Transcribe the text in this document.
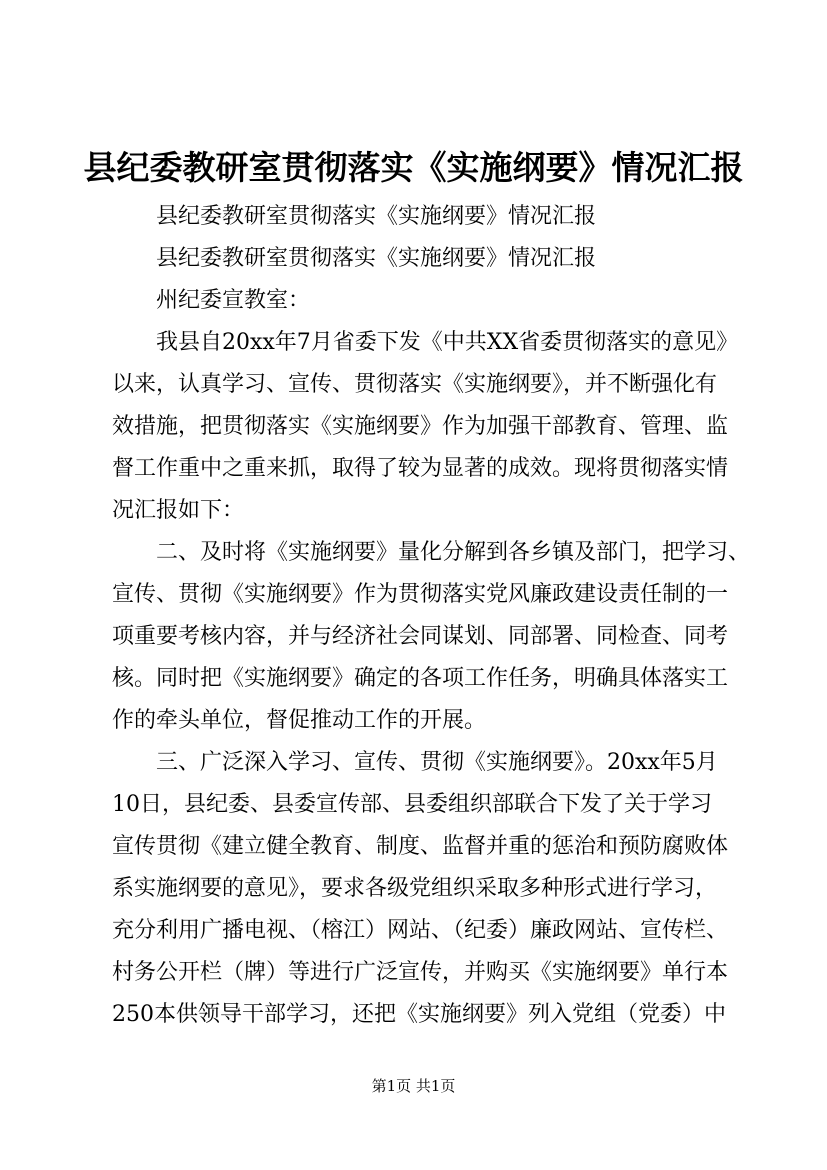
县纪委教研室贯彻落实《实施纲要》情况汇报
　　县纪委教研室贯彻落实《实施纲要》情况汇报
　　县纪委教研室贯彻落实《实施纲要》情况汇报
　　州纪委宣教室：
　　我县自20xx年7月省委下发《中共XX省委贯彻落实的意见》
以来，认真学习、宣传、贯彻落实《实施纲要》，并不断强化有
效措施，把贯彻落实《实施纲要》作为加强干部教育、管理、监
督工作重中之重来抓，取得了较为显著的成效。现将贯彻落实情
况汇报如下：
　　二、及时将《实施纲要》量化分解到各乡镇及部门，把学习、
宣传、贯彻《实施纲要》作为贯彻落实党风廉政建设责任制的一
项重要考核内容，并与经济社会同谋划、同部署、同检查、同考
核。同时把《实施纲要》确定的各项工作任务，明确具体落实工
作的牵头单位，督促推动工作的开展。
　　三、广泛深入学习、宣传、贯彻《实施纲要》。20xx年5月
10日，县纪委、县委宣传部、县委组织部联合下发了关于学习
宣传贯彻《建立健全教育、制度、监督并重的惩治和预防腐败体
系实施纲要的意见》，要求各级党组织采取多种形式进行学习，
充分利用广播电视、（榕江）网站、（纪委）廉政网站、宣传栏、
村务公开栏（牌）等进行广泛宣传，并购买《实施纲要》单行本
250本供领导干部学习，还把《实施纲要》列入党组（党委）中
第1页 共1页
